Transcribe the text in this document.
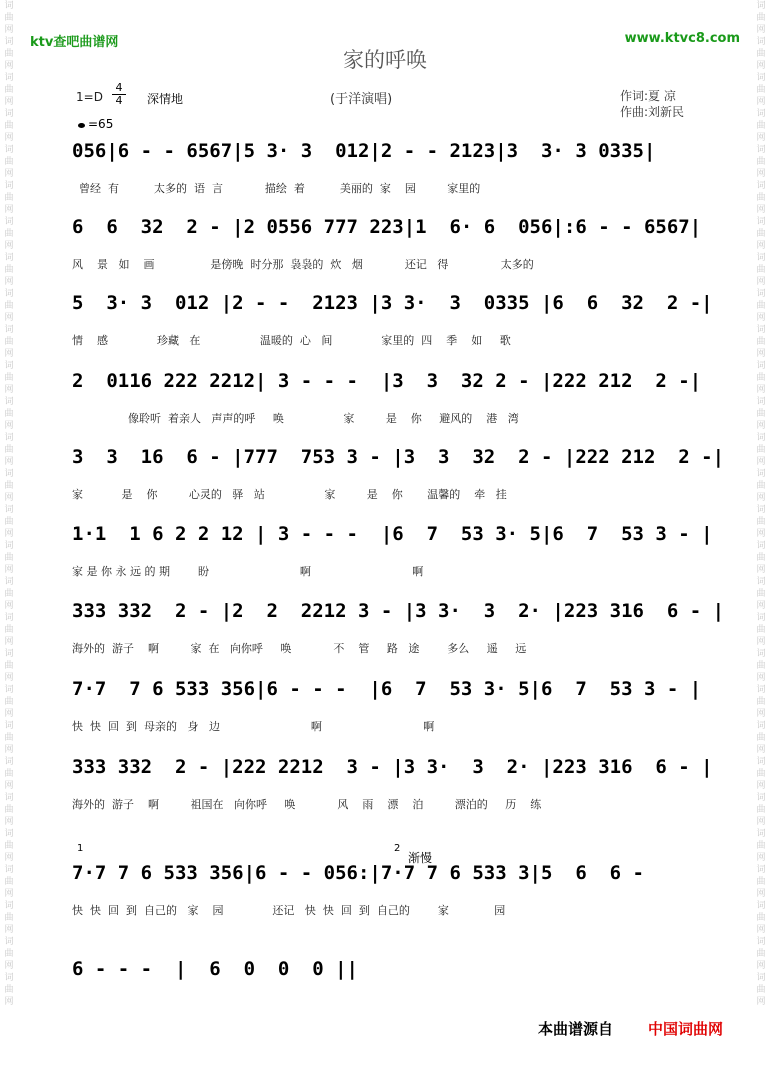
词
曲
网
词
曲
网
词
曲
网
词
曲
网
词
曲
网
词
曲
网
词
曲
网
词
曲
网
词
曲
网
词
曲
网
词
曲
网
词
曲
网
词
曲
网
词
曲
网
词
曲
网
词
曲
网
词
曲
网
词
曲
网
词
曲
网
词
曲
网
词
曲
网
词
曲
网
词
曲
网
词
曲
网
词
曲
网
词
曲
网
词
曲
网
词
曲
网
词
曲
网
词
曲
网
词
曲
网
词
曲
网
词
曲
网
词
曲
网
词
曲
网
词
曲
网
词
曲
网
词
曲
网
词
曲
网
词
曲
网
词
曲
网
词
曲
网
词
曲
网
词
曲
网
词
曲
网
词
曲
网
词
曲
网
词
曲
网
词
曲
网
词
曲
网
词
曲
网
词
曲
网
词
曲
网
词
曲
网
词
曲
网
词
曲
网
ktv查吧曲谱网	www.ktvc8.com
家的呼唤
1=D
4
4 深情地	(于洋演唱)	作词:夏 凉
作曲:刘新民
=65
056|6 - - 6567|5 3· 3  012|2 - - 2123|3  3· 3 0335|
曾经  有          太多的  语  言            描绘  着          美丽的  家    园         家里的
6  6  32  2 - |2 0556 777 223|1  6· 6  056|:6 - - 6567|
风    景   如    画                是傍晚  时分那  袅袅的  炊   烟            还记   得               太多的
5  3· 3  012 |2 - -  2123 |3 3·  3  0335 |6  6  32  2 -|
情    感              珍藏   在                 温暖的  心   间              家里的  四    季    如     歌
2  0116 222 2212| 3 - - -  |3  3  32 2 - |222 212  2 -|
像聆听  着亲人   声声的呼     唤                 家         是    你     避风的    港   湾
3  3  16  6 - |777  753 3 - |3  3  32  2 - |222 212  2 -|
家           是    你         心灵的   驿   站                 家         是    你       温馨的    牵   挂
1·1  1 6 2 2 12 | 3 - - -  |6  7  53 3· 5|6  7  53 3 - |
家 是 你 永 远 的 期        盼                          啊                             啊
333 332  2 - |2  2  2212 3 - |3 3·  3  2· |223 316  6 - |
海外的  游子    啊         家  在   向你呼     唤            不    管     路   途        多么     遥     远
7·7  7 6 533 356|6 - - -  |6  7  53 3· 5|6  7  53 3 - |
快  快  回  到  母亲的   身   边                          啊                             啊
333 332  2 - |222 2212  3 - |3 3·  3  2· |223 316  6 - |
海外的  游子    啊         祖国在   向你呼     唤            风    雨    漂    泊         漂泊的     历    练
7·7 7 6 533 356|6 - - 056:|7·7 7 6 533 3|5  6  6 -
快  快  回  到  自己的   家    园              还记   快  快  回  到  自己的        家             园
6 - - -  |  6  0  0  0 ||
1	2
渐慢
本曲谱源自 中国词曲网
